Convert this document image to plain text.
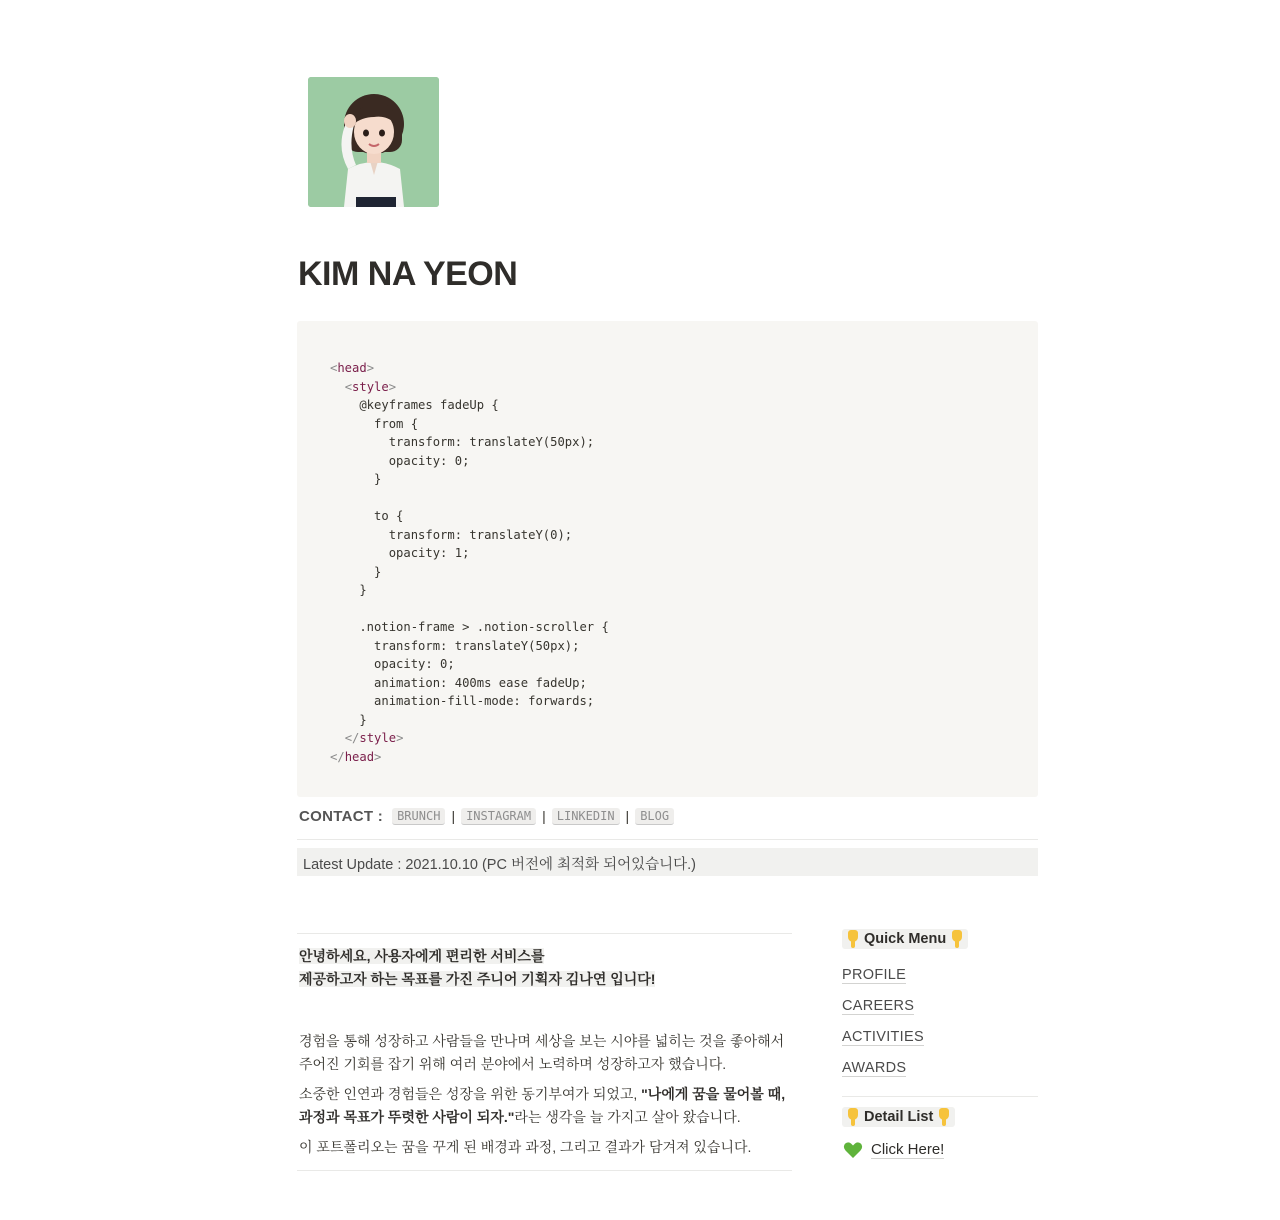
KIM NA YEON
<head>
<style>
@keyframes fadeUp {
from {
transform: translateY(50px);
opacity: 0;
}

to {
transform: translateY(0);
opacity: 1;
}
}

.notion-frame > .notion-scroller {
transform: translateY(50px);
opacity: 0;
animation: 400ms ease fadeUp;
animation-fill-mode: forwards;
}
</style>
</head>
CONTACT :	BRUNCH | INSTAGRAM | LINKEDIN | BLOG
Latest Update : 2021.10.10 (PC 버전에 최적화 되어있습니다.)
안녕하세요, 사용자에게 편리한 서비스를
제공하고자 하는 목표를 가진 주니어 기획자 김나연 입니다!

경험을 통해 성장하고 사람들을 만나며 세상을 보는 시야를 넓히는 것을 좋아해서 주어진 기회를 잡기 위해 여러 분야에서 노력하며 성장하고자 했습니다.

소중한 인연과 경험들은 성장을 위한 동기부여가 되었고, "나에게 꿈을 물어볼 때, 과정과 목표가 뚜렷한 사람이 되자."라는 생각을 늘 가지고 살아 왔습니다.

이 포트폴리오는 꿈을 꾸게 된 배경과 과정, 그리고 결과가 담겨져 있습니다.

Quick Menu
PROFILE
CAREERS
ACTIVITIES
AWARDS
Detail List
Click Here!
